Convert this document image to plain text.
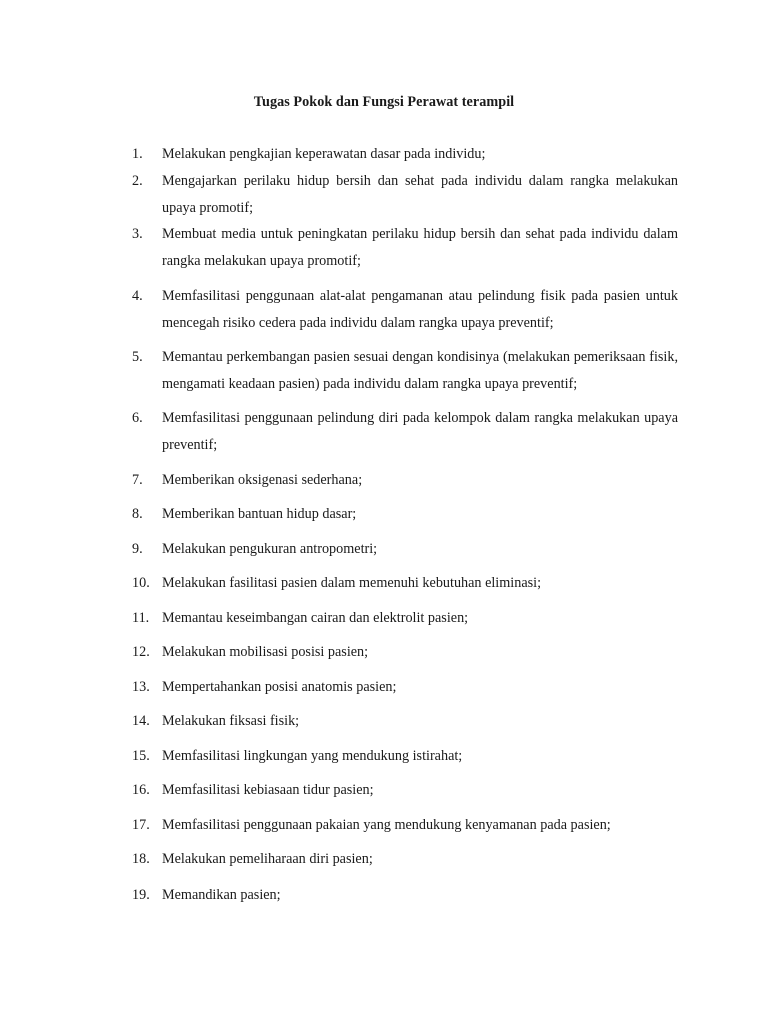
Tugas Pokok dan Fungsi Perawat terampil
1. Melakukan pengkajian keperawatan dasar pada individu;
2. Mengajarkan perilaku hidup bersih dan sehat pada individu dalam rangka melakukan upaya promotif;
3. Membuat media untuk peningkatan perilaku hidup bersih dan sehat pada individu dalam rangka melakukan upaya promotif;
4. Memfasilitasi penggunaan alat-alat pengamanan atau pelindung fisik pada pasien untuk mencegah risiko cedera pada individu dalam rangka upaya preventif;
5. Memantau perkembangan pasien sesuai dengan kondisinya (melakukan pemeriksaan fisik, mengamati keadaan pasien) pada individu dalam rangka upaya preventif;
6. Memfasilitasi penggunaan pelindung diri pada kelompok dalam rangka melakukan upaya preventif;
7. Memberikan oksigenasi sederhana;
8. Memberikan bantuan hidup dasar;
9. Melakukan pengukuran antropometri;
10. Melakukan fasilitasi pasien dalam memenuhi kebutuhan eliminasi;
11. Memantau keseimbangan cairan dan elektrolit pasien;
12. Melakukan mobilisasi posisi pasien;
13. Mempertahankan posisi anatomis pasien;
14. Melakukan fiksasi fisik;
15. Memfasilitasi lingkungan yang mendukung istirahat;
16. Memfasilitasi kebiasaan tidur pasien;
17. Memfasilitasi penggunaan pakaian yang mendukung kenyamanan pada pasien;
18. Melakukan pemeliharaan diri pasien;
19. Memandikan pasien;
